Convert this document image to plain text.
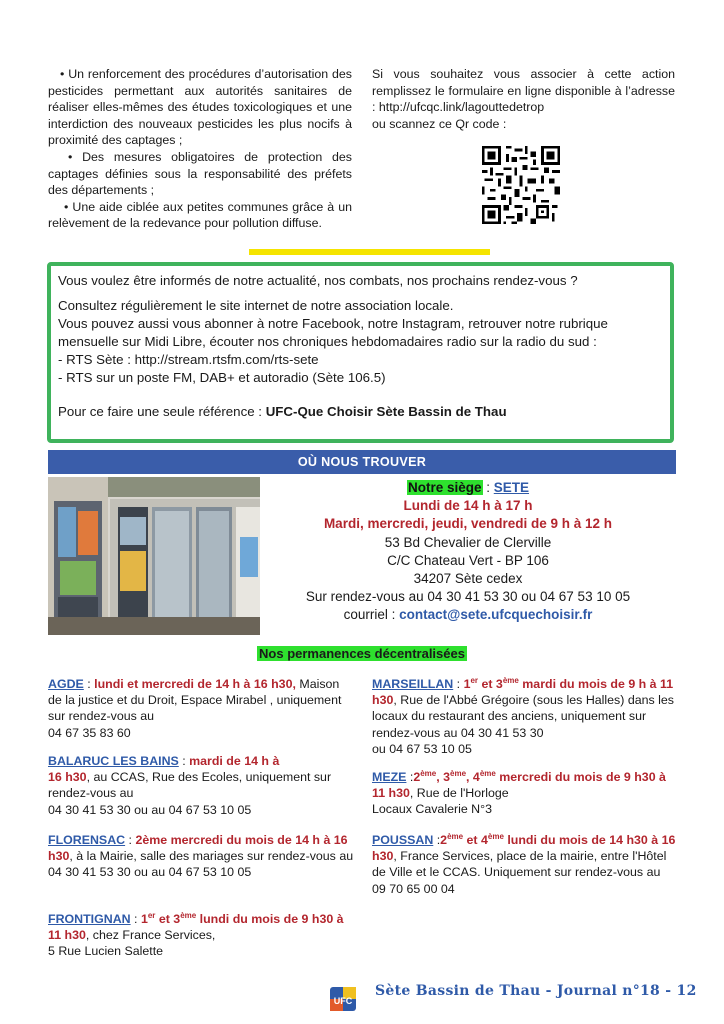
• Un renforcement des procédures d’autorisation des pesticides permettant aux autorités sanitaires de réaliser elles-mêmes des études toxicologiques et une interdiction des nouveaux pesticides les plus nocifs à proximité des captages ;

• Des mesures obligatoires de protection des captages définies sous la responsabilité des préfets des départements ;

• Une aide ciblée aux petites communes grâce à un relèvement de la redevance pour pollution diffuse.

Si vous souhaitez vous associer à cette action remplissez le formulaire en ligne disponible à l’adresse : http://ufcqc.link/lagouttedetrop

ou scannez ce Qr code :

Vous voulez être informés de notre actualité, nos combats, nos prochains rendez-vous ?

Consultez régulièrement le site internet de notre association locale.

Vous pouvez aussi vous abonner à notre Facebook, notre Instagram, retrouver notre rubrique mensuelle sur Midi Libre, écouter nos chroniques hebdomadaires radio sur la radio du sud :

- RTS Sète : http://stream.rtsfm.com/rts-sete

- RTS sur un poste FM, DAB+ et autoradio (Sète 106.5)

Pour ce faire une seule référence : UFC-Que Choisir Sète Bassin de Thau

OÙ NOUS TROUVER
Notre siège : SETE
Lundi de 14 h à 17 h
Mardi, mercredi, jeudi, vendredi de 9 h à 12 h
53 Bd Chevalier de Clerville
C/C Chateau Vert - BP 106
34207 Sète cedex
Sur rendez-vous au 04 30 41 53 30 ou 04 67 53 10 05
courriel : contact@sete.ufcquechoisir.fr
Nos permanences décentralisées

AGDE : lundi et mercredi de 14 h à 16 h30, Maison de la justice et du Droit, Espace Mirabel , uniquement sur rendez-vous au

04 67 35 83 60

BALARUC LES BAINS : mardi de 14 h à
16 h30, au CCAS, Rue des Ecoles, uniquement sur rendez-vous au

04 30 41 53 30 ou au 04 67 53 10 05

FLORENSAC : 2ème mercredi du mois de 14 h à 16 h30, à la Mairie, salle des mariages sur rendez-vous au

04 30 41 53 30 ou au 04 67 53 10 05

FRONTIGNAN : 1er et 3ème lundi du mois de 9 h30 à 11 h30, chez France Services,

5 Rue Lucien Salette

MARSEILLAN : 1er et 3ème mardi du mois de 9 h à 11 h30, Rue de l'Abbé Grégoire (sous les Halles) dans les locaux du restaurant des anciens, uniquement sur rendez-vous au 04 30 41 53 30

ou 04 67 53 10 05

MEZE :2ème, 3ème, 4ème mercredi du mois de 9 h30 à 11 h30, Rue de l'Horloge

Locaux Cavalerie N°3

POUSSAN :2ème et 4ème lundi du mois de 14 h30 à 16 h30, France Services, place de la mairie, entre l'Hôtel de Ville et le CCAS. Uniquement sur rendez-vous au

09 70 65 00 04

UFC
Sète Bassin de Thau - Journal n°18 - 12
